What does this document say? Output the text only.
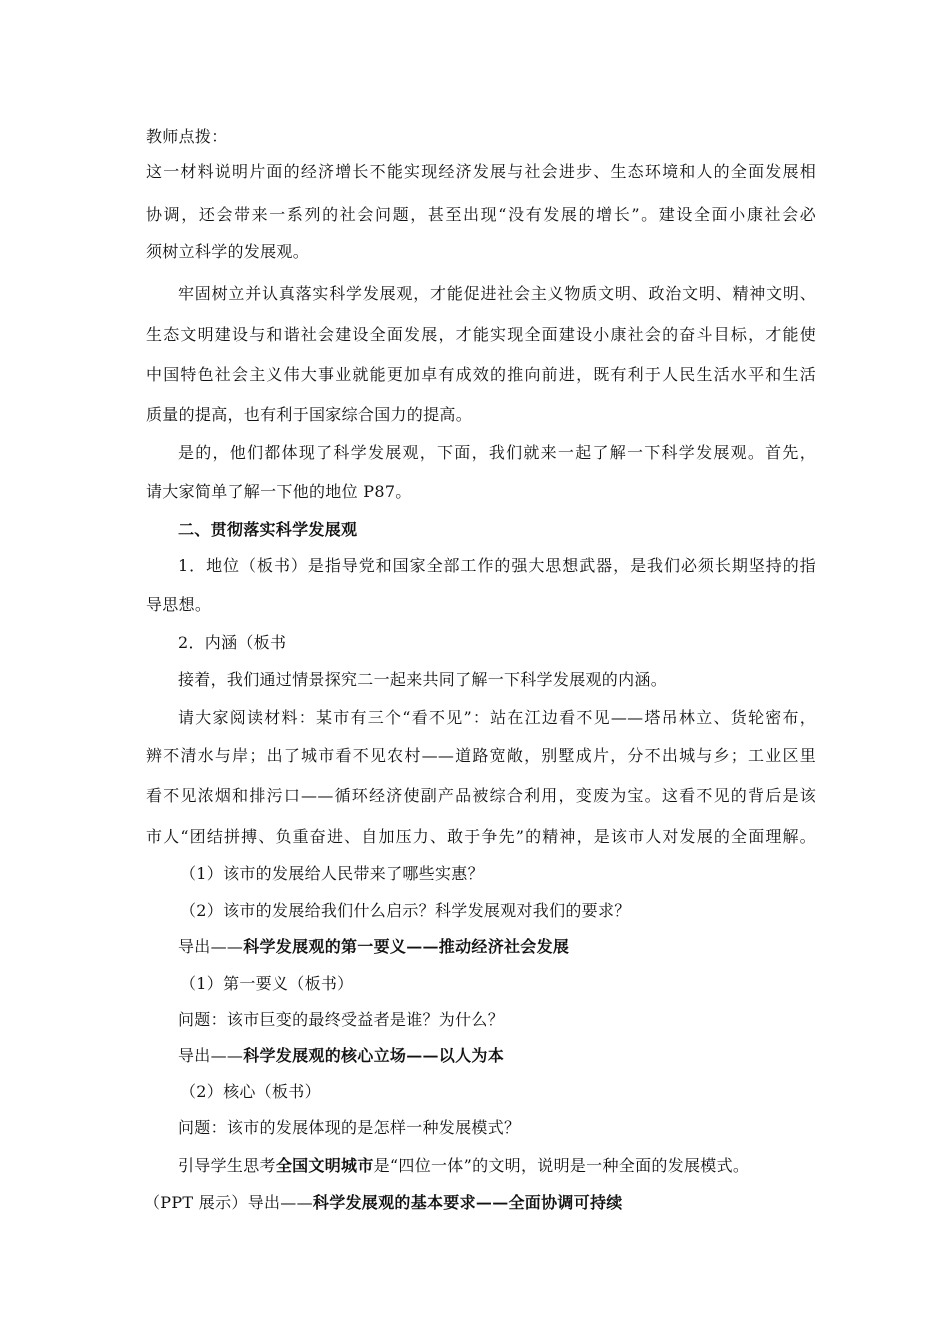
教师点拨：
这一材料说明片面的经济增长不能实现经济发展与社会进步、生态环境和人的全面发展相
协调，还会带来一系列的社会问题，甚至出现“没有发展的增长”。建设全面小康社会必
须树立科学的发展观。
牢固树立并认真落实科学发展观，才能促进社会主义物质文明、政治文明、精神文明、
生态文明建设与和谐社会建设全面发展，才能实现全面建设小康社会的奋斗目标，才能使
中国特色社会主义伟大事业就能更加卓有成效的推向前进，既有利于人民生活水平和生活
质量的提高，也有利于国家综合国力的提高。
是的，他们都体现了科学发展观，下面，我们就来一起了解一下科学发展观。首先，
请大家简单了解一下他的地位 P87。
二、贯彻落实科学发展观
1．地位（板书）是指导党和国家全部工作的强大思想武器，是我们必须长期坚持的指
导思想。
2．内涵（板书
接着，我们通过情景探究二一起来共同了解一下科学发展观的内涵。
请大家阅读材料：某市有三个“看不见”：站在江边看不见——塔吊林立、货轮密布，
辨不清水与岸；出了城市看不见农村——道路宽敞，别墅成片，分不出城与乡；工业区里
看不见浓烟和排污口——循环经济使副产品被综合利用，变废为宝。这看不见的背后是该
市人“团结拼搏、负重奋进、自加压力、敢于争先”的精神，是该市人对发展的全面理解。
（1）该市的发展给人民带来了哪些实惠？
（2）该市的发展给我们什么启示？科学发展观对我们的要求？
导出——科学发展观的第一要义——推动经济社会发展
（1）第一要义（板书）
问题：该市巨变的最终受益者是谁？为什么？
导出——科学发展观的核心立场——以人为本
（2）核心（板书）
问题：该市的发展体现的是怎样一种发展模式？
引导学生思考全国文明城市是“四位一体”的文明，说明是一种全面的发展模式。
（PPT 展示）导出——科学发展观的基本要求——全面协调可持续
